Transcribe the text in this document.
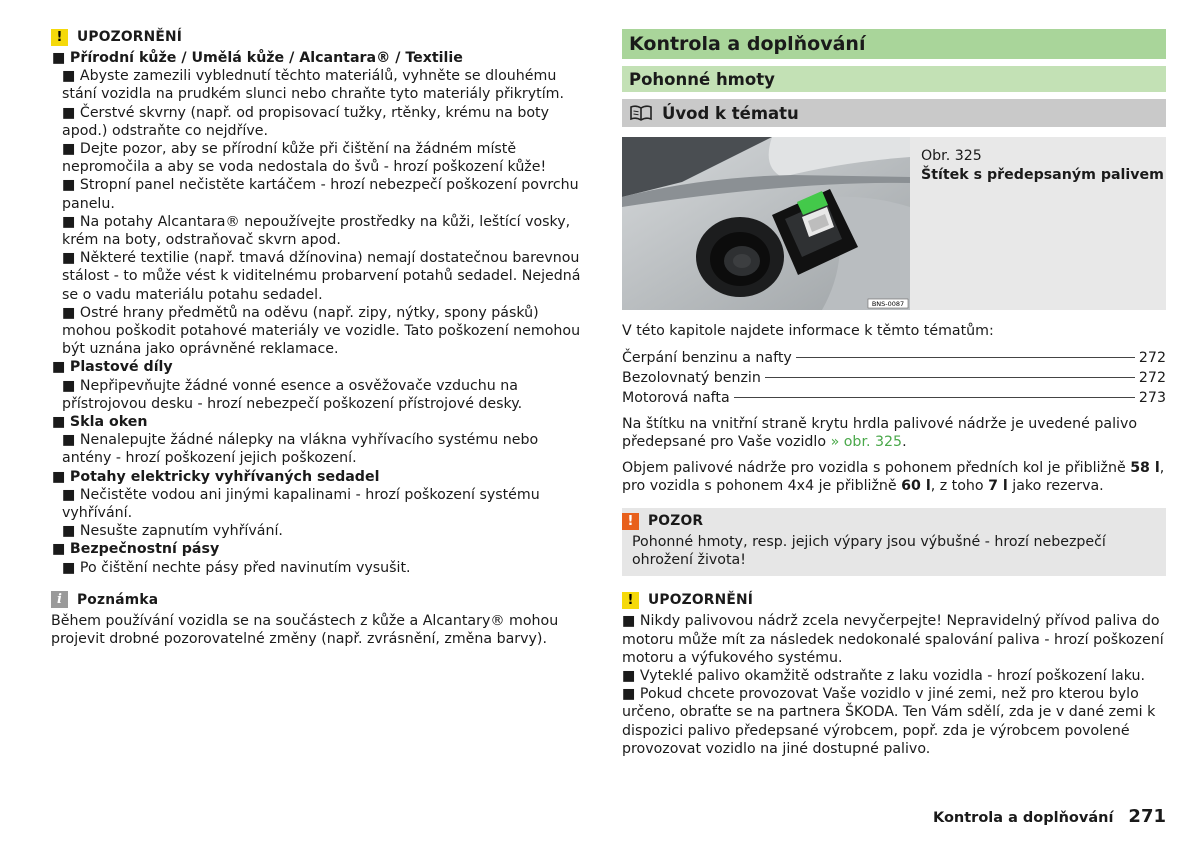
!	UPOZORNĚNÍ

■ Přírodní kůže / Umělá kůže / Alcantara® / Textilie

■ Abyste zamezili vyblednutí těchto materiálů, vyhněte se dlouhému stání vozidla na prudkém slunci nebo chraňte tyto materiály přikrytím.

■ Čerstvé skvrny (např. od propisovací tužky, rtěnky, krému na boty apod.) odstraňte co nejdříve.

■ Dejte pozor, aby se přírodní kůže při čištění na žádném místě nepromočila a aby se voda nedostala do švů - hrozí poškození kůže!

■ Stropní panel nečistěte kartáčem - hrozí nebezpečí poškození povrchu panelu.

■ Na potahy Alcantara® nepoužívejte prostředky na kůži, leštící vosky, krém na boty, odstraňovač skvrn apod.

■ Některé textilie (např. tmavá džínovina) nemají dostatečnou barevnou stálost - to může vést k viditelnému probarvení potahů sedadel. Nejedná se o vadu materiálu potahu sedadel.

■ Ostré hrany předmětů na oděvu (např. zipy, nýtky, spony pásků) mohou poškodit potahové materiály ve vozidle. Tato poškození nemohou být uznána jako oprávněné reklamace.

■ Plastové díly

■ Nepřipevňujte žádné vonné esence a osvěžovače vzduchu na přístrojovou desku - hrozí nebezpečí poškození přístrojové desky.

■ Skla oken

■ Nenalepujte žádné nálepky na vlákna vyhřívacího systému nebo antény - hrozí poškození jejich poškození.

■ Potahy elektricky vyhřívaných sedadel

■ Nečistěte vodou ani jinými kapalinami - hrozí poškození systému vyhřívání.

■ Nesušte zapnutím vyhřívání.

■ Bezpečnostní pásy

■ Po čištění nechte pásy před navinutím vysušit.

i	Poznámka

Během používání vozidla se na součástech z kůže a Alcantary® mohou projevit drobné pozorovatelné změny (např. zvrásnění, změna barvy).

Kontrola a doplňování
Pohonné hmoty
Úvod k tématu
BNS-0087
Obr. 325
Štítek s předepsaným palivem

V této kapitole najdete informace k těmto tématům:

Čerpání benzinu a nafty	272
Bezolovnatý benzin	272
Motorová nafta	273

Na štítku na vnitřní straně krytu hrdla palivové nádrže je uvedené palivo předepsané pro Vaše vozidlo » obr. 325.

Objem palivové nádrže pro vozidla s pohonem předních kol je přibližně 58 l, pro vozidla s pohonem 4x4 je přibližně 60 l, z toho 7 l jako rezerva.

!	POZOR

Pohonné hmoty, resp. jejich výpary jsou výbušné - hrozí nebezpečí ohrožení života!

!	UPOZORNĚNÍ

■ Nikdy palivovou nádrž zcela nevyčerpejte! Nepravidelný přívod paliva do motoru může mít za následek nedokonalé spalování paliva - hrozí poškození motoru a výfukového systému.

■ Vyteklé palivo okamžitě odstraňte z laku vozidla - hrozí poškození laku.

■ Pokud chcete provozovat Vaše vozidlo v jiné zemi, než pro kterou bylo určeno, obraťte se na partnera ŠKODA. Ten Vám sdělí, zda je v dané zemi k dispozici palivo předepsané výrobcem, popř. zda je výrobcem povolené provozovat vozidlo na jiné dostupné palivo.

Kontrola a doplňování 271
